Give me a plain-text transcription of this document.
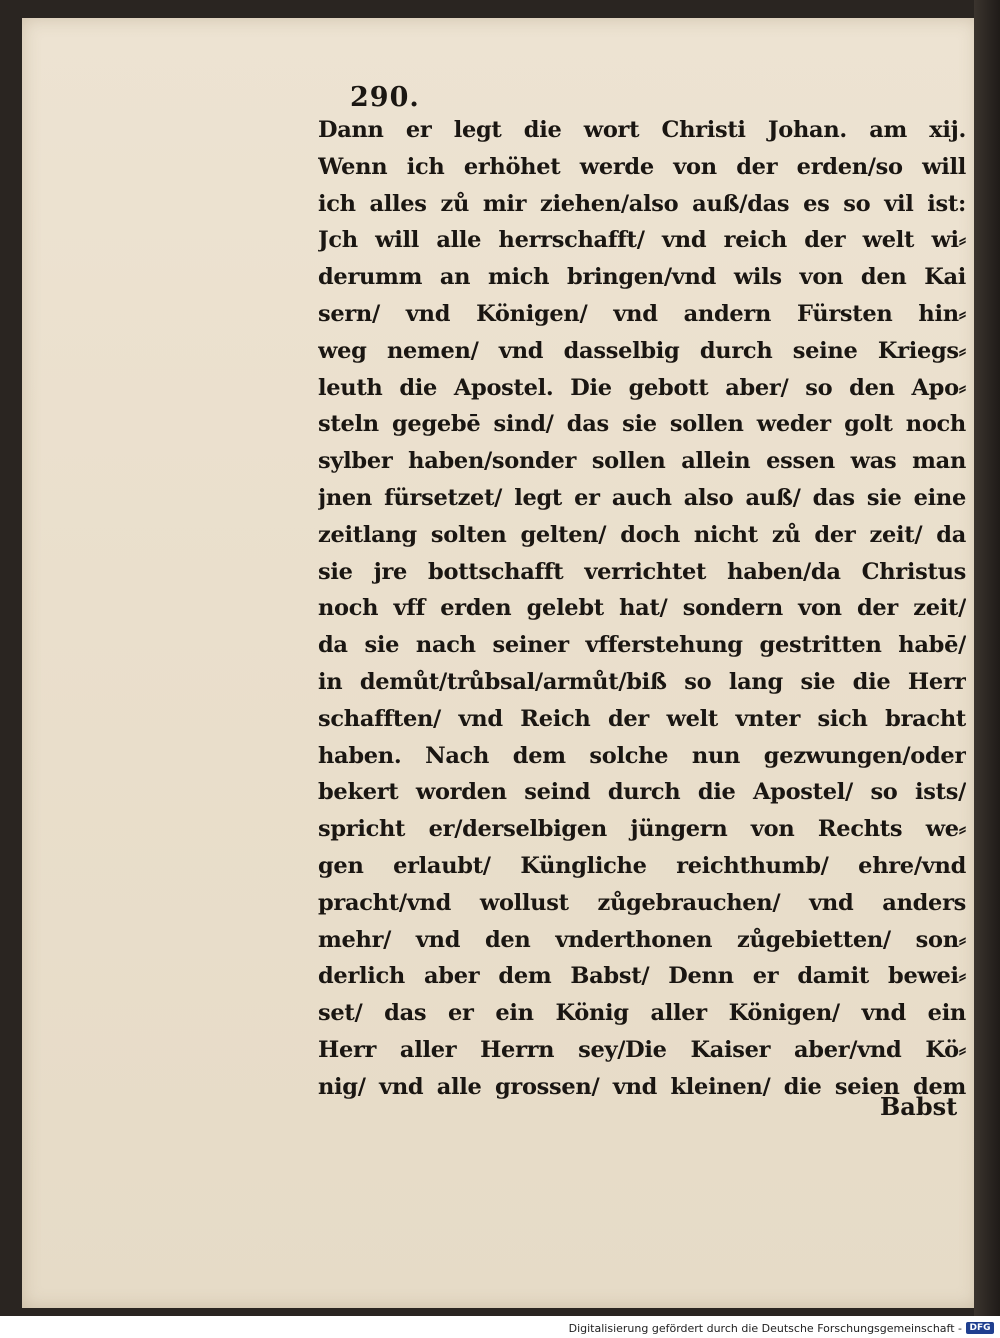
290.
Dann er legt die wort Christi Johan. am xij.
Wenn ich erhöhet werde von der erden/so will
ich alles zů mir ziehen/also auß/das es so vil ist:
Jch will alle herrschafft/ vnd reich der welt wi⸗
derumm an mich bringen/vnd wils von den Kai
sern/ vnd Königen/ vnd andern Fürsten hin⸗
weg nemen/ vnd dasselbig durch seine Kriegs⸗
leuth die Apostel. Die gebott aber/ so den Apo⸗
steln gegebē sind/ das sie sollen weder golt noch
sylber haben/sonder sollen allein essen was man
jnen fürsetzet/ legt er auch also auß/ das sie eine
zeitlang solten gelten/ doch nicht zů der zeit/ da
sie jre bottschafft verrichtet haben/da Christus
noch vff erden gelebt hat/ sondern von der zeit/
da sie nach seiner vfferstehung gestritten habē/
in demůt/trůbsal/armůt/biß so lang sie die Herr
schafften/ vnd Reich der welt vnter sich bracht
haben. Nach dem solche nun gezwungen/oder
bekert worden seind durch die Apostel/ so ists/
spricht er/derselbigen jüngern von Rechts we⸗
gen erlaubt/ Küngliche reichthumb/ ehre/vnd
pracht/vnd wollust zůgebrauchen/ vnd anders
mehr/ vnd den vnderthonen zůgebietten/ son⸗
derlich aber dem Babst/ Denn er damit bewei⸗
set/ das er ein König aller Königen/ vnd ein
Herr aller Herrn sey/Die Kaiser aber/vnd Kö⸗
nig/ vnd alle grossen/ vnd kleinen/ die seien dem
Babst
Digitalisierung gefördert durch die Deutsche Forschungsgemeinschaft - DFG
